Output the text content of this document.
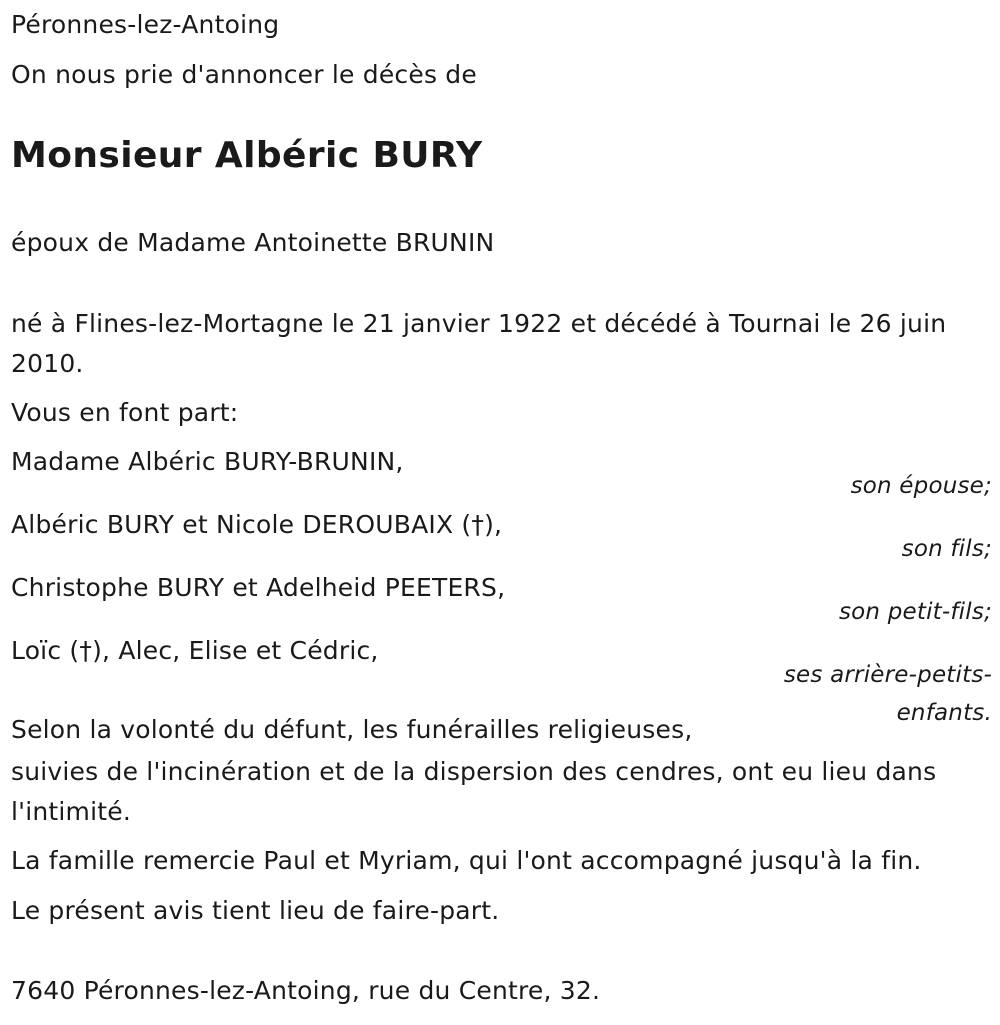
Péronnes-lez-Antoing
On nous prie d'annoncer le décès de
Monsieur Albéric BURY
époux de Madame Antoinette BRUNIN
né à Flines-lez-Mortagne le 21 janvier 1922 et décédé à Tournai le 26 juin 2010.
Vous en font part:
Madame Albéric BURY-BRUNIN,
son épouse;
Albéric BURY et Nicole DEROUBAIX (†),
son fils;
Christophe BURY et Adelheid PEETERS,
son petit-fils;
Loïc (†), Alec, Elise et Cédric,
ses arrière-petits-enfants.
Selon la volonté du défunt, les funérailles religieuses,
suivies de l'incinération et de la dispersion des cendres, ont eu lieu dans l'intimité.
La famille remercie Paul et Myriam, qui l'ont accompagné jusqu'à la fin.
Le présent avis tient lieu de faire-part.
7640 Péronnes-lez-Antoing, rue du Centre, 32.
